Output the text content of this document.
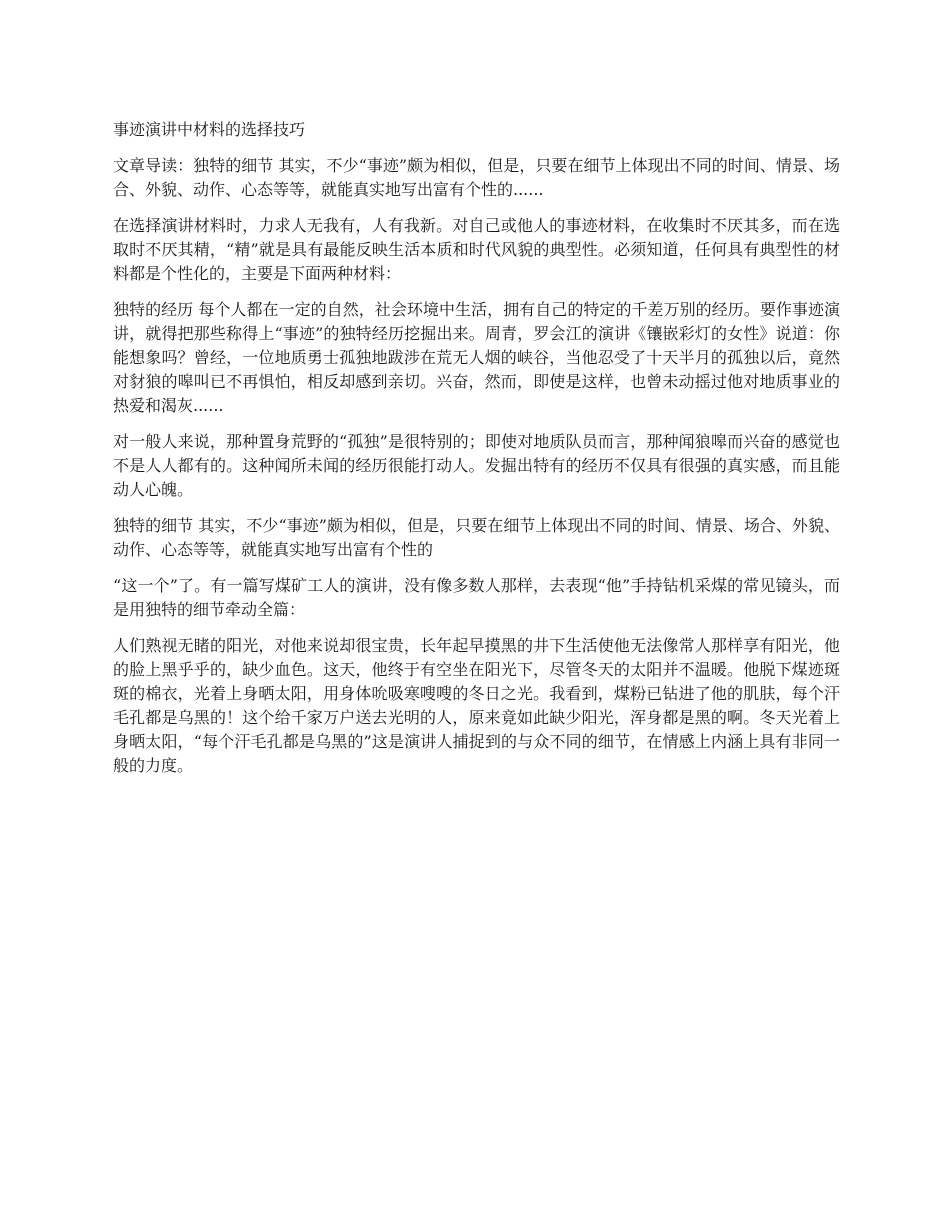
事迹演讲中材料的选择技巧

文章导读：独特的细节 其实，不少“事迹”颇为相似，但是，只要在细节上体现出不同的时间、情景、场合、外貌、动作、心态等等，就能真实地写出富有个性的......

在选择演讲材料时，力求人无我有，人有我新。对自己或他人的事迹材料，在收集时不厌其多，而在选取时不厌其精，“精”就是具有最能反映生活本质和时代风貌的典型性。必须知道，任何具有典型性的材料都是个性化的，主要是下面两种材料：

独特的经历 每个人都在一定的自然，社会环境中生活，拥有自己的特定的千差万别的经历。要作事迹演讲，就得把那些称得上“事迹”的独特经历挖掘出来。周青，罗会江的演讲《镶嵌彩灯的女性》说道：你能想象吗？曾经，一位地质勇士孤独地跋涉在荒无人烟的峡谷，当他忍受了十天半月的孤独以后，竟然对豺狼的嗥叫已不再惧怕，相反却感到亲切。兴奋，然而，即使是这样，也曾未动摇过他对地质事业的热爱和渴灰......

对一般人来说，那种置身荒野的“孤独”是很特别的；即使对地质队员而言，那种闻狼嗥而兴奋的感觉也不是人人都有的。这种闻所未闻的经历很能打动人。发掘出特有的经历不仅具有很强的真实感，而且能动人心魄。

独特的细节 其实，不少“事迹”颇为相似，但是，只要在细节上体现出不同的时间、情景、场合、外貌、动作、心态等等，就能真实地写出富有个性的

“这一个”了。有一篇写煤矿工人的演讲，没有像多数人那样，去表现“他”手持钻机采煤的常见镜头，而是用独特的细节牵动全篇：

人们熟视无睹的阳光，对他来说却很宝贵，长年起早摸黑的井下生活使他无法像常人那样享有阳光，他的脸上黑乎乎的，缺少血色。这天，他终于有空坐在阳光下，尽管冬天的太阳并不温暖。他脱下煤迹斑斑的棉衣，光着上身晒太阳，用身体吮吸寒嗖嗖的冬日之光。我看到，煤粉已钻进了他的肌肤，每个汗毛孔都是乌黑的！这个给千家万户送去光明的人，原来竟如此缺少阳光，浑身都是黑的啊。冬天光着上身晒太阳，“每个汗毛孔都是乌黑的”这是演讲人捕捉到的与众不同的细节，在情感上内涵上具有非同一般的力度。
